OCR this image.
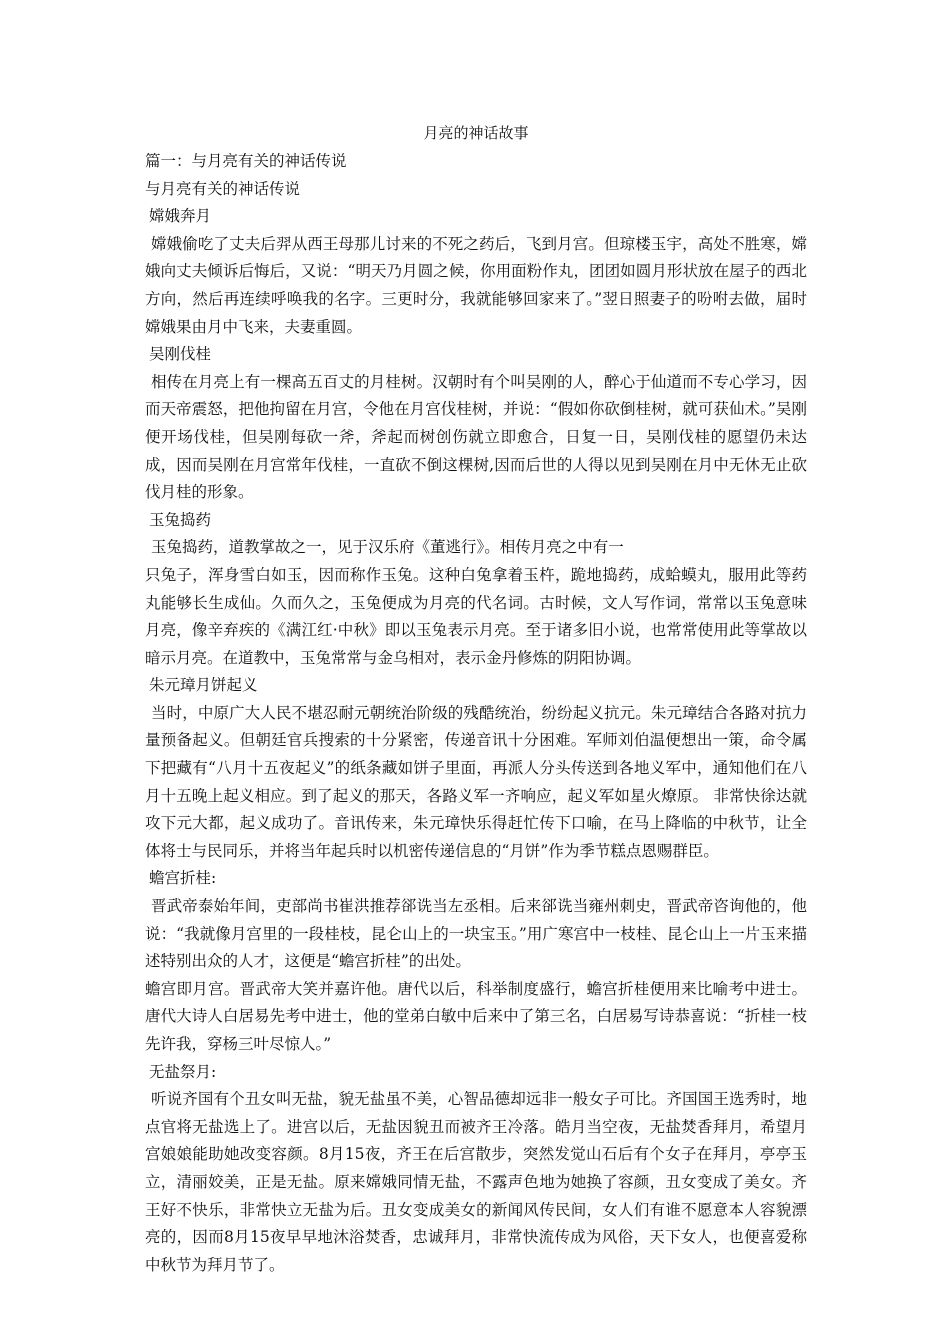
月亮的神话故事
篇一：与月亮有关的神话传说
与月亮有关的神话传说
嫦娥奔月

嫦娥偷吃了丈夫后羿从西王母那儿讨来的不死之药后，飞到月宫。但琼楼玉宇，高处不胜寒，嫦娥向丈夫倾诉后悔后，又说：“明天乃月圆之候，你用面粉作丸，团团如圆月形状放在屋子的西北方向，然后再连续呼唤我的名字。三更时分，我就能够回家来了。”翌日照妻子的吩咐去做，届时嫦娥果由月中飞来，夫妻重圆。

吴刚伐桂

相传在月亮上有一棵高五百丈的月桂树。汉朝时有个叫吴刚的人，醉心于仙道而不专心学习，因而天帝震怒，把他拘留在月宫，令他在月宫伐桂树，并说：“假如你砍倒桂树，就可获仙术。”吴刚便开场伐桂，但吴刚每砍一斧，斧起而树创伤就立即愈合，日复一日，吴刚伐桂的愿望仍未达成，因而吴刚在月宫常年伐桂，一直砍不倒这棵树,因而后世的人得以见到吴刚在月中无休无止砍伐月桂的形象。

玉兔捣药

玉兔捣药，道教掌故之一，见于汉乐府《董逃行》。相传月亮之中有一

只兔子，浑身雪白如玉，因而称作玉兔。这种白兔拿着玉杵，跪地捣药，成蛤蟆丸，服用此等药丸能够长生成仙。久而久之，玉兔便成为月亮的代名词。古时候，文人写作词，常常以玉兔意味月亮，像辛弃疾的《满江红·中秋》即以玉兔表示月亮。至于诸多旧小说，也常常使用此等掌故以暗示月亮。在道教中，玉兔常常与金乌相对，表示金丹修炼的阴阳协调。

朱元璋月饼起义

当时，中原广大人民不堪忍耐元朝统治阶级的残酷统治，纷纷起义抗元。朱元璋结合各路对抗力量预备起义。但朝廷官兵搜索的十分紧密，传递音讯十分困难。军师刘伯温便想出一策，命令属下把藏有“八月十五夜起义”的纸条藏如饼子里面，再派人分头传送到各地义军中，通知他们在八月十五晚上起义相应。到了起义的那天，各路义军一齐响应，起义军如星火燎原。 非常快徐达就攻下元大都，起义成功了。音讯传来，朱元璋快乐得赶忙传下口喻，在马上降临的中秋节，让全体将士与民同乐，并将当年起兵时以机密传递信息的“月饼”作为季节糕点恩赐群臣。

蟾宫折桂:

晋武帝泰始年间，吏部尚书崔洪推荐郤诜当左丞相。后来郤诜当雍州刺史，晋武帝咨询他的，他说：“我就像月宫里的一段桂枝，昆仑山上的一块宝玉。”用广寒宫中一枝桂、昆仑山上一片玉来描述特别出众的人才，这便是“蟾宫折桂”的出处。

蟾宫即月宫。晋武帝大笑并嘉许他。唐代以后，科举制度盛行，蟾宫折桂便用来比喻考中进士。唐代大诗人白居易先考中进士，他的堂弟白敏中后来中了第三名，白居易写诗恭喜说：“折桂一枝先许我，穿杨三叶尽惊人。”

无盐祭月:

听说齐国有个丑女叫无盐，貌无盐虽不美，心智品德却远非一般女子可比。齐国国王选秀时，地点官将无盐选上了。进宫以后，无盐因貌丑而被齐王冷落。皓月当空夜，无盐焚香拜月，希望月宫娘娘能助她改变容颜。8月15夜，齐王在后宫散步，突然发觉山石后有个女子在拜月，亭亭玉立，清丽姣美，正是无盐。原来嫦娥同情无盐，不露声色地为她换了容颜，丑女变成了美女。齐王好不快乐，非常快立无盐为后。丑女变成美女的新闻风传民间，女人们有谁不愿意本人容貌漂亮的，因而8月15夜早早地沐浴焚香，忠诚拜月，非常快流传成为风俗，天下女人，也便喜爱称中秋节为拜月节了。
